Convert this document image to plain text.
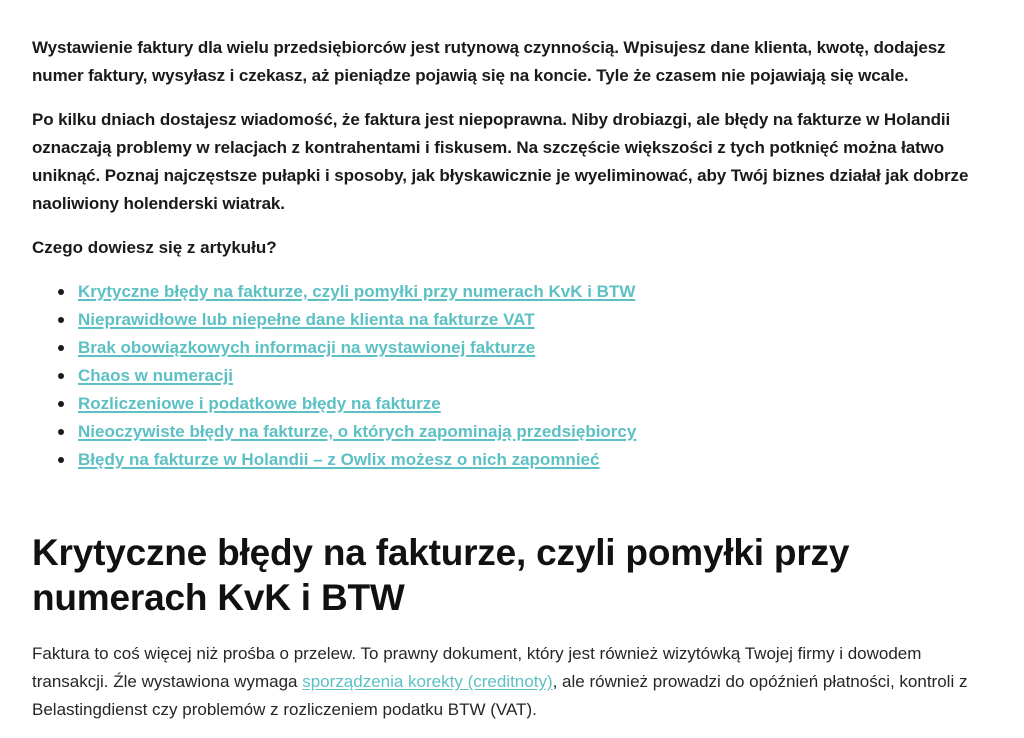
Wystawienie faktury dla wielu przedsiębiorców jest rutynową czynnością. Wpisujesz dane klienta, kwotę, dodajesz numer faktury, wysyłasz i czekasz, aż pieniądze pojawią się na koncie. Tyle że czasem nie pojawiają się wcale.

Po kilku dniach dostajesz wiadomość, że faktura jest niepoprawna. Niby drobiazgi, ale błędy na fakturze w Holandii oznaczają problemy w relacjach z kontrahentami i fiskusem. Na szczęście większości z tych potknięć można łatwo uniknąć. Poznaj najczęstsze pułapki i sposoby, jak błyskawicznie je wyeliminować, aby Twój biznes działał jak dobrze naoliwiony holenderski wiatrak.

Czego dowiesz się z artykułu?

Krytyczne błędy na fakturze, czyli pomyłki przy numerach KvK i BTW
Nieprawidłowe lub niepełne dane klienta na fakturze VAT
Brak obowiązkowych informacji na wystawionej fakturze
Chaos w numeracji
Rozliczeniowe i podatkowe błędy na fakturze
Nieoczywiste błędy na fakturze, o których zapominają przedsiębiorcy
Błędy na fakturze w Holandii – z Owlix możesz o nich zapomnieć
Krytyczne błędy na fakturze, czyli pomyłki przy numerach KvK i BTW

Faktura to coś więcej niż prośba o przelew. To prawny dokument, który jest również wizytówką Twojej firmy i dowodem transakcji. Źle wystawiona wymaga sporządzenia korekty (creditnoty), ale również prowadzi do opóźnień płatności, kontroli z Belastingdienst czy problemów z rozliczeniem podatku BTW (VAT).
